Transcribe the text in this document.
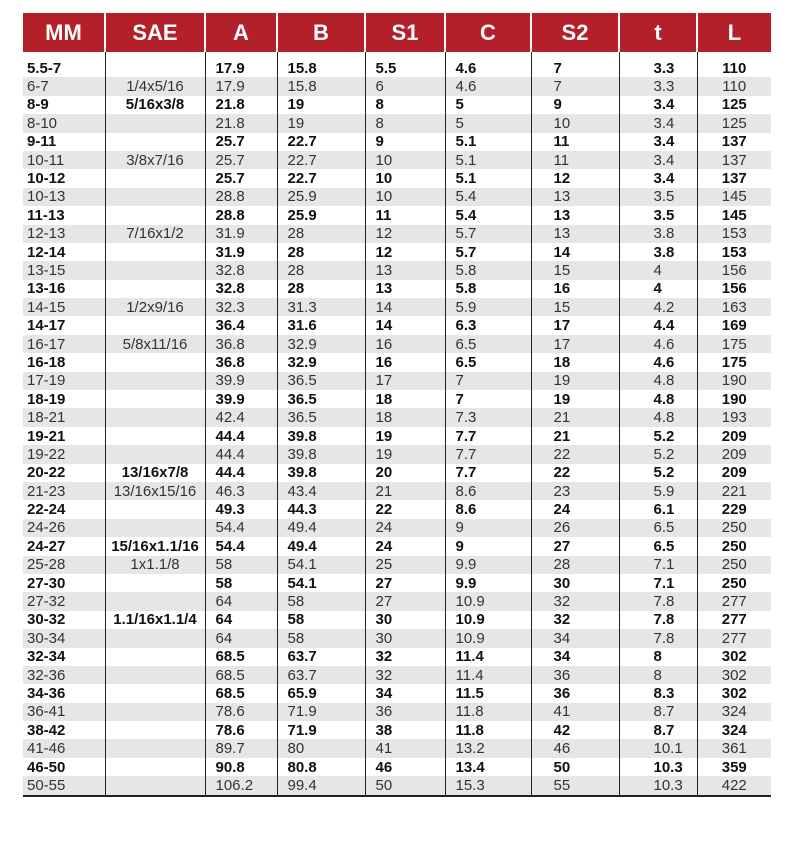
MM	SAE	A	B	S1	C	S2	t	L

5.5-7		17.9	15.8	5.5	4.6	7	3.3	110
6-7	1/4x5/16	17.9	15.8	6	4.6	7	3.3	110
8-9	5/16x3/8	21.8	19	8	5	9	3.4	125
8-10		21.8	19	8	5	10	3.4	125
9-11		25.7	22.7	9	5.1	11	3.4	137
10-11	3/8x7/16	25.7	22.7	10	5.1	11	3.4	137
10-12		25.7	22.7	10	5.1	12	3.4	137
10-13		28.8	25.9	10	5.4	13	3.5	145
11-13		28.8	25.9	11	5.4	13	3.5	145
12-13	7/16x1/2	31.9	28	12	5.7	13	3.8	153
12-14		31.9	28	12	5.7	14	3.8	153
13-15		32.8	28	13	5.8	15	4	156
13-16		32.8	28	13	5.8	16	4	156
14-15	1/2x9/16	32.3	31.3	14	5.9	15	4.2	163
14-17		36.4	31.6	14	6.3	17	4.4	169
16-17	5/8x11/16	36.8	32.9	16	6.5	17	4.6	175
16-18		36.8	32.9	16	6.5	18	4.6	175
17-19		39.9	36.5	17	7	19	4.8	190
18-19		39.9	36.5	18	7	19	4.8	190
18-21		42.4	36.5	18	7.3	21	4.8	193
19-21		44.4	39.8	19	7.7	21	5.2	209
19-22		44.4	39.8	19	7.7	22	5.2	209
20-22	13/16x7/8	44.4	39.8	20	7.7	22	5.2	209
21-23	13/16x15/16	46.3	43.4	21	8.6	23	5.9	221
22-24		49.3	44.3	22	8.6	24	6.1	229
24-26		54.4	49.4	24	9	26	6.5	250
24-27	15/16x1.1/16	54.4	49.4	24	9	27	6.5	250
25-28	1x1.1/8	58	54.1	25	9.9	28	7.1	250
27-30		58	54.1	27	9.9	30	7.1	250
27-32		64	58	27	10.9	32	7.8	277
30-32	1.1/16x1.1/4	64	58	30	10.9	32	7.8	277
30-34		64	58	30	10.9	34	7.8	277
32-34		68.5	63.7	32	11.4	34	8	302
32-36		68.5	63.7	32	11.4	36	8	302
34-36		68.5	65.9	34	11.5	36	8.3	302
36-41		78.6	71.9	36	11.8	41	8.7	324
38-42		78.6	71.9	38	11.8	42	8.7	324
41-46		89.7	80	41	13.2	46	10.1	361
46-50		90.8	80.8	46	13.4	50	10.3	359
50-55		106.2	99.4	50	15.3	55	10.3	422
